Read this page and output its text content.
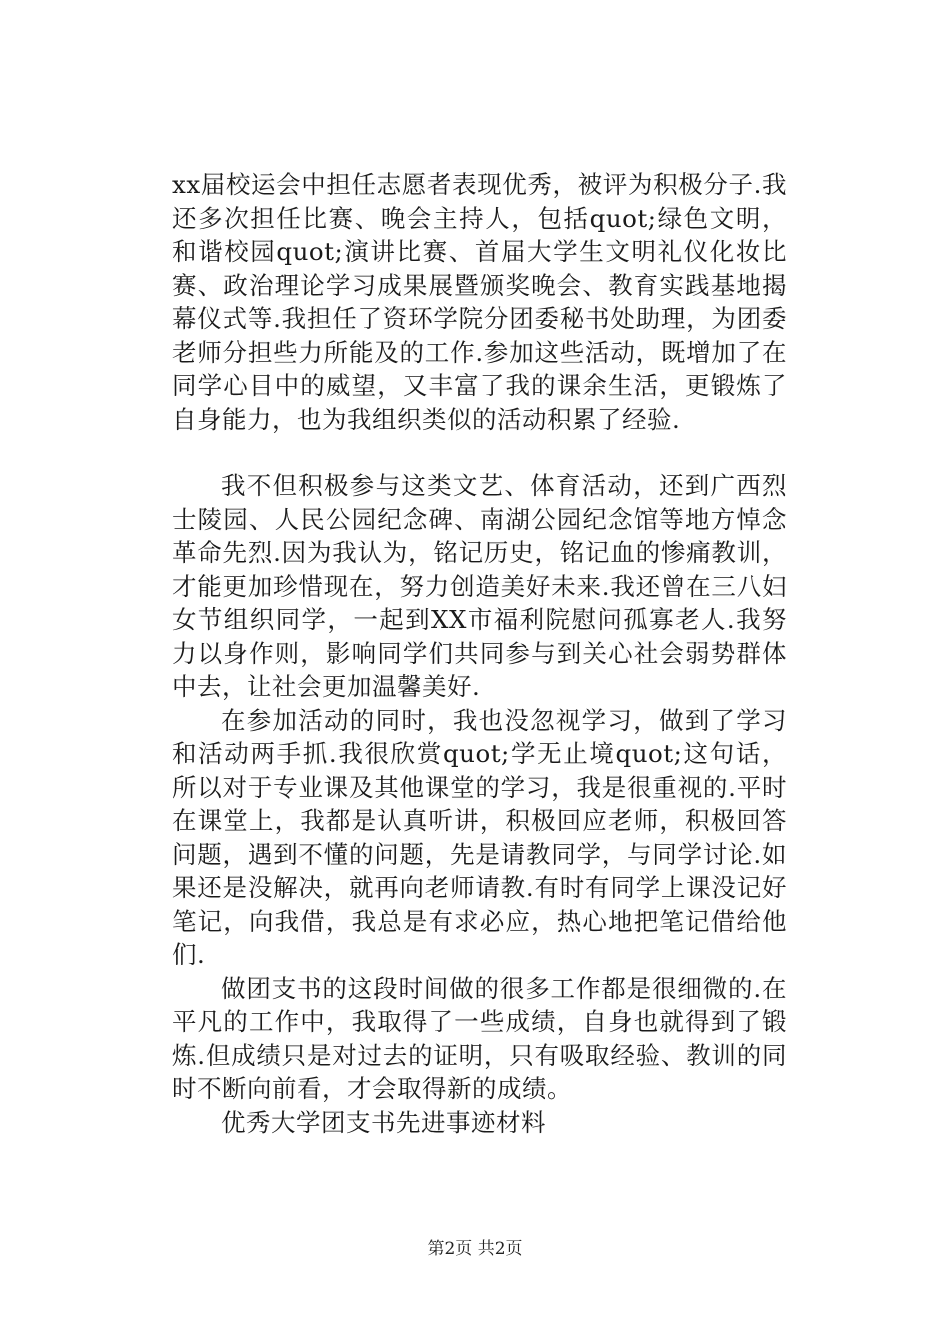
xx届校运会中担任志愿者表现优秀，被评为积极分子.我还多次担任比赛、晚会主持人，包括quot;绿色文明，和谐校园quot;演讲比赛、首届大学生文明礼仪化妆比赛、政治理论学习成果展暨颁奖晚会、教育实践基地揭幕仪式等.我担任了资环学院分团委秘书处助理，为团委老师分担些力所能及的工作.参加这些活动，既增加了在同学心目中的威望，又丰富了我的课余生活，更锻炼了自身能力，也为我组织类似的活动积累了经验.

我不但积极参与这类文艺、体育活动，还到广西烈士陵园、人民公园纪念碑、南湖公园纪念馆等地方悼念革命先烈.因为我认为，铭记历史，铭记血的惨痛教训，才能更加珍惜现在，努力创造美好未来.我还曾在三八妇女节组织同学，一起到XX市福利院慰问孤寡老人.我努力以身作则，影响同学们共同参与到关心社会弱势群体中去，让社会更加温馨美好.

在参加活动的同时，我也没忽视学习，做到了学习和活动两手抓.我很欣赏quot;学无止境quot;这句话，所以对于专业课及其他课堂的学习，我是很重视的.平时在课堂上，我都是认真听讲，积极回应老师，积极回答问题，遇到不懂的问题，先是请教同学，与同学讨论.如果还是没解决，就再向老师请教.有时有同学上课没记好笔记，向我借，我总是有求必应，热心地把笔记借给他们.

做团支书的这段时间做的很多工作都是很细微的.在平凡的工作中，我取得了一些成绩，自身也就得到了锻炼.但成绩只是对过去的证明，只有吸取经验、教训的同时不断向前看，才会取得新的成绩。

优秀大学团支书先进事迹材料

第2页 共2页
